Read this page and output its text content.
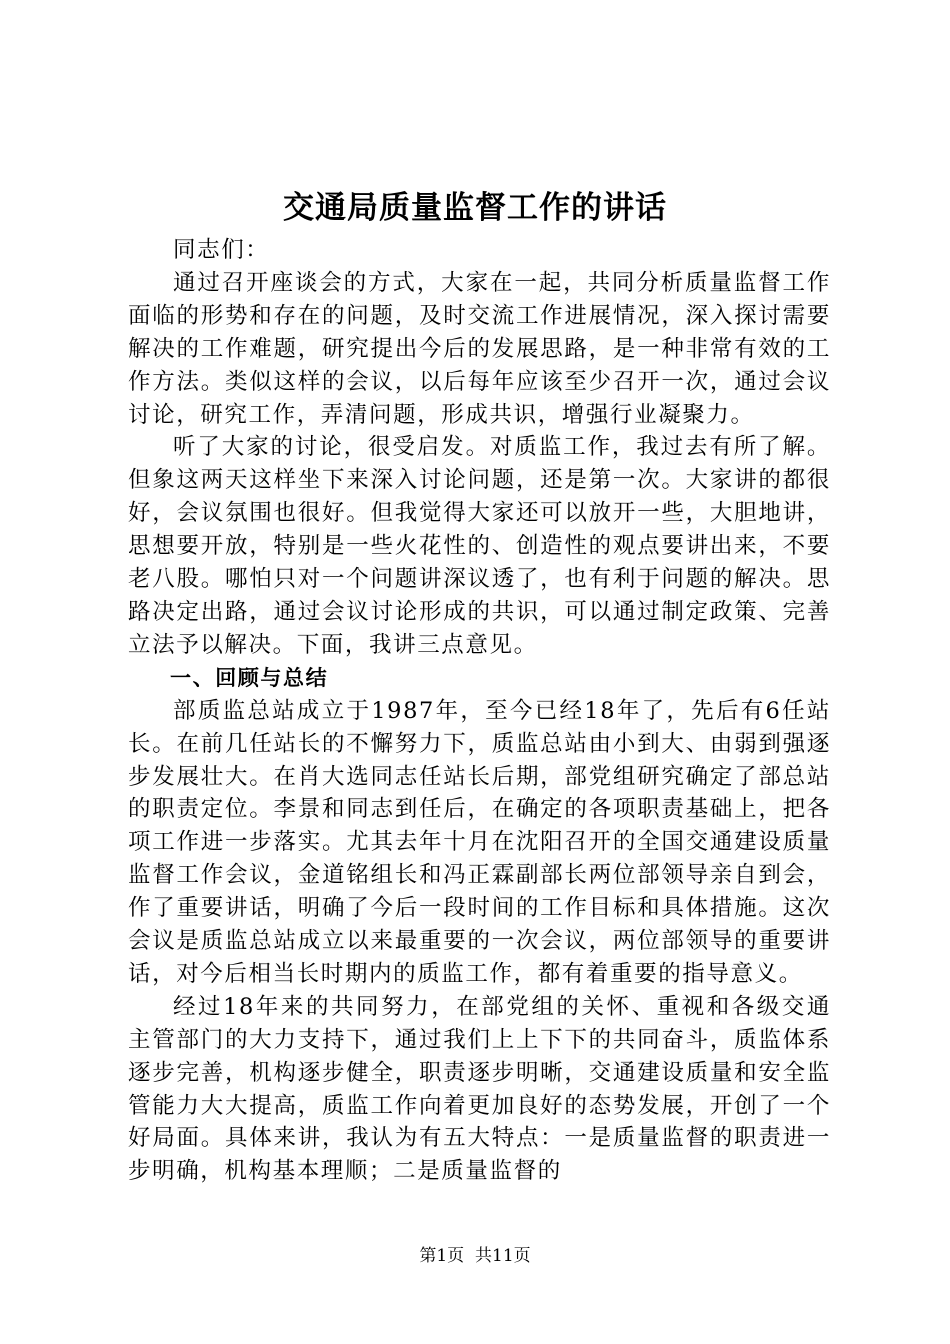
交通局质量监督工作的讲话

同志们：

通过召开座谈会的方式，大家在一起，共同分析质量监督工作面临的形势和存在的问题，及时交流工作进展情况，深入探讨需要解决的工作难题，研究提出今后的发展思路，是一种非常有效的工作方法。类似这样的会议，以后每年应该至少召开一次，通过会议讨论，研究工作，弄清问题，形成共识，增强行业凝聚力。

听了大家的讨论，很受启发。对质监工作，我过去有所了解。但象这两天这样坐下来深入讨论问题，还是第一次。大家讲的都很好，会议氛围也很好。但我觉得大家还可以放开一些，大胆地讲，思想要开放，特别是一些火花性的、创造性的观点要讲出来，不要老八股。哪怕只对一个问题讲深议透了，也有利于问题的解决。思路决定出路，通过会议讨论形成的共识，可以通过制定政策、完善立法予以解决。下面，我讲三点意见。

一、回顾与总结

部质监总站成立于1987年，至今已经18年了，先后有6任站长。在前几任站长的不懈努力下，质监总站由小到大、由弱到强逐步发展壮大。在肖大选同志任站长后期，部党组研究确定了部总站的职责定位。李景和同志到任后，在确定的各项职责基础上，把各项工作进一步落实。尤其去年十月在沈阳召开的全国交通建设质量监督工作会议，金道铭组长和冯正霖副部长两位部领导亲自到会，作了重要讲话，明确了今后一段时间的工作目标和具体措施。这次会议是质监总站成立以来最重要的一次会议，两位部领导的重要讲话，对今后相当长时期内的质监工作，都有着重要的指导意义。

经过18年来的共同努力，在部党组的关怀、重视和各级交通主管部门的大力支持下，通过我们上上下下的共同奋斗，质监体系逐步完善，机构逐步健全，职责逐步明晰，交通建设质量和安全监管能力大大提高，质监工作向着更加良好的态势发展，开创了一个好局面。具体来讲，我认为有五大特点：一是质量监督的职责进一步明确，机构基本理顺；二是质量监督的

第1页 共11页
